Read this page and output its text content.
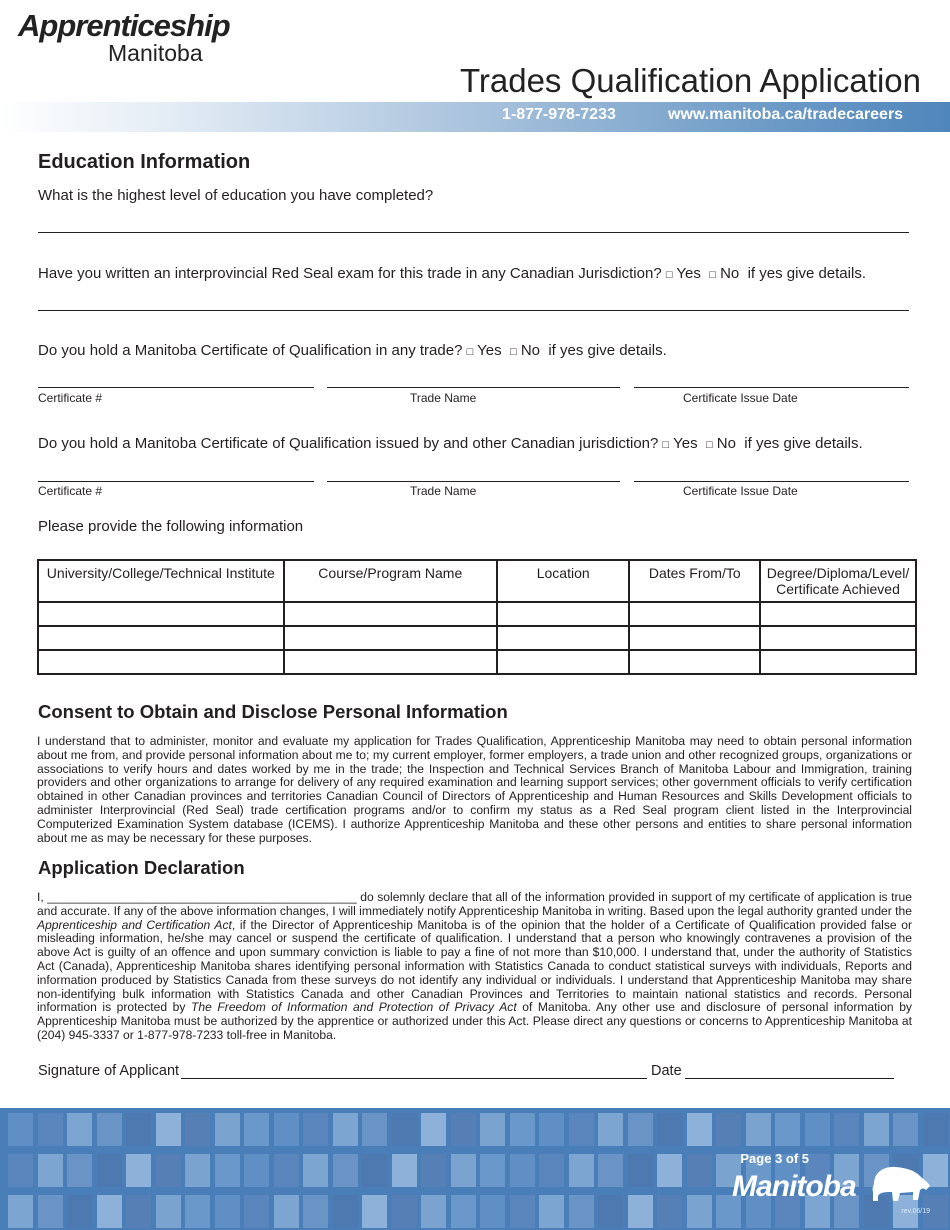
Apprenticeship
Manitoba
Trades Qualification Application
1-877-978-7233	www.manitoba.ca/tradecareers
Education Information
What is the highest level of education you have completed?
Have you written an interprovincial Red Seal exam for this trade in any Canadian Jurisdiction? □ Yes □ No if yes give details.
Do you hold a Manitoba Certificate of Qualification in any trade? □ Yes □ No if yes give details.
Certificate #	Trade Name	Certificate Issue Date
Do you hold a Manitoba Certificate of Qualification issued by and other Canadian jurisdiction? □ Yes □ No if yes give details.
Certificate #	Trade Name	Certificate Issue Date
Please provide the following information
University/College/Technical Institute	Course/Program Name	Location	Dates From/To	Degree/Diploma/Level/ Certificate Achieved

Consent to Obtain and Disclose Personal Information
I understand that to administer, monitor and evaluate my application for Trades Qualification, Apprenticeship Manitoba may need to obtain personal information about me from, and provide personal information about me to; my current employer, former employers, a trade union and other recognized groups, organizations or associations to verify hours and dates worked by me in the trade; the Inspection and Technical Services Branch of Manitoba Labour and Immigration, training providers and other organizations to arrange for delivery of any required examination and learning support services; other government officials to verify certification obtained in other Canadian provinces and territories Canadian Council of Directors of Apprenticeship and Human Resources and Skills Development officials to administer Interprovincial (Red Seal) trade certification programs and/or to confirm my status as a Red Seal program client listed in the Interprovincial Computerized Examination System database (ICEMS). I authorize Apprenticeship Manitoba and these other persons and entities to share personal information about me as may be necessary for these purposes.
Application Declaration
I, ______________________________________________ do solemnly declare that all of the information provided in support of my certificate of application is true and accurate. If any of the above information changes, I will immediately notify Apprenticeship Manitoba in writing. Based upon the legal authority granted under the Apprenticeship and Certification Act, if the Director of Apprenticeship Manitoba is of the opinion that the holder of a Certificate of Qualification provided false or misleading information, he/she may cancel or suspend the certificate of qualification. I understand that a person who knowingly contravenes a provision of the above Act is guilty of an offence and upon summary conviction is liable to pay a fine of not more than $10,000. I understand that, under the authority of Statistics Act (Canada), Apprenticeship Manitoba shares identifying personal information with Statistics Canada to conduct statistical surveys with individuals, Reports and information produced by Statistics Canada from these surveys do not identify any individual or individuals. I understand that Apprenticeship Manitoba may share non-identifying bulk information with Statistics Canada and other Canadian Provinces and Territories to maintain national statistics and records. Personal information is protected by The Freedom of Information and Protection of Privacy Act of Manitoba. Any other use and disclosure of personal information by Apprenticeship Manitoba must be authorized by the apprentice or authorized under this Act. Please direct any questions or concerns to Apprenticeship Manitoba at (204) 945-3337 or 1-877-978-7233 toll-free in Manitoba.
Signature of Applicant	Date
Page 3 of 5
Manitoba
rev.06/19
